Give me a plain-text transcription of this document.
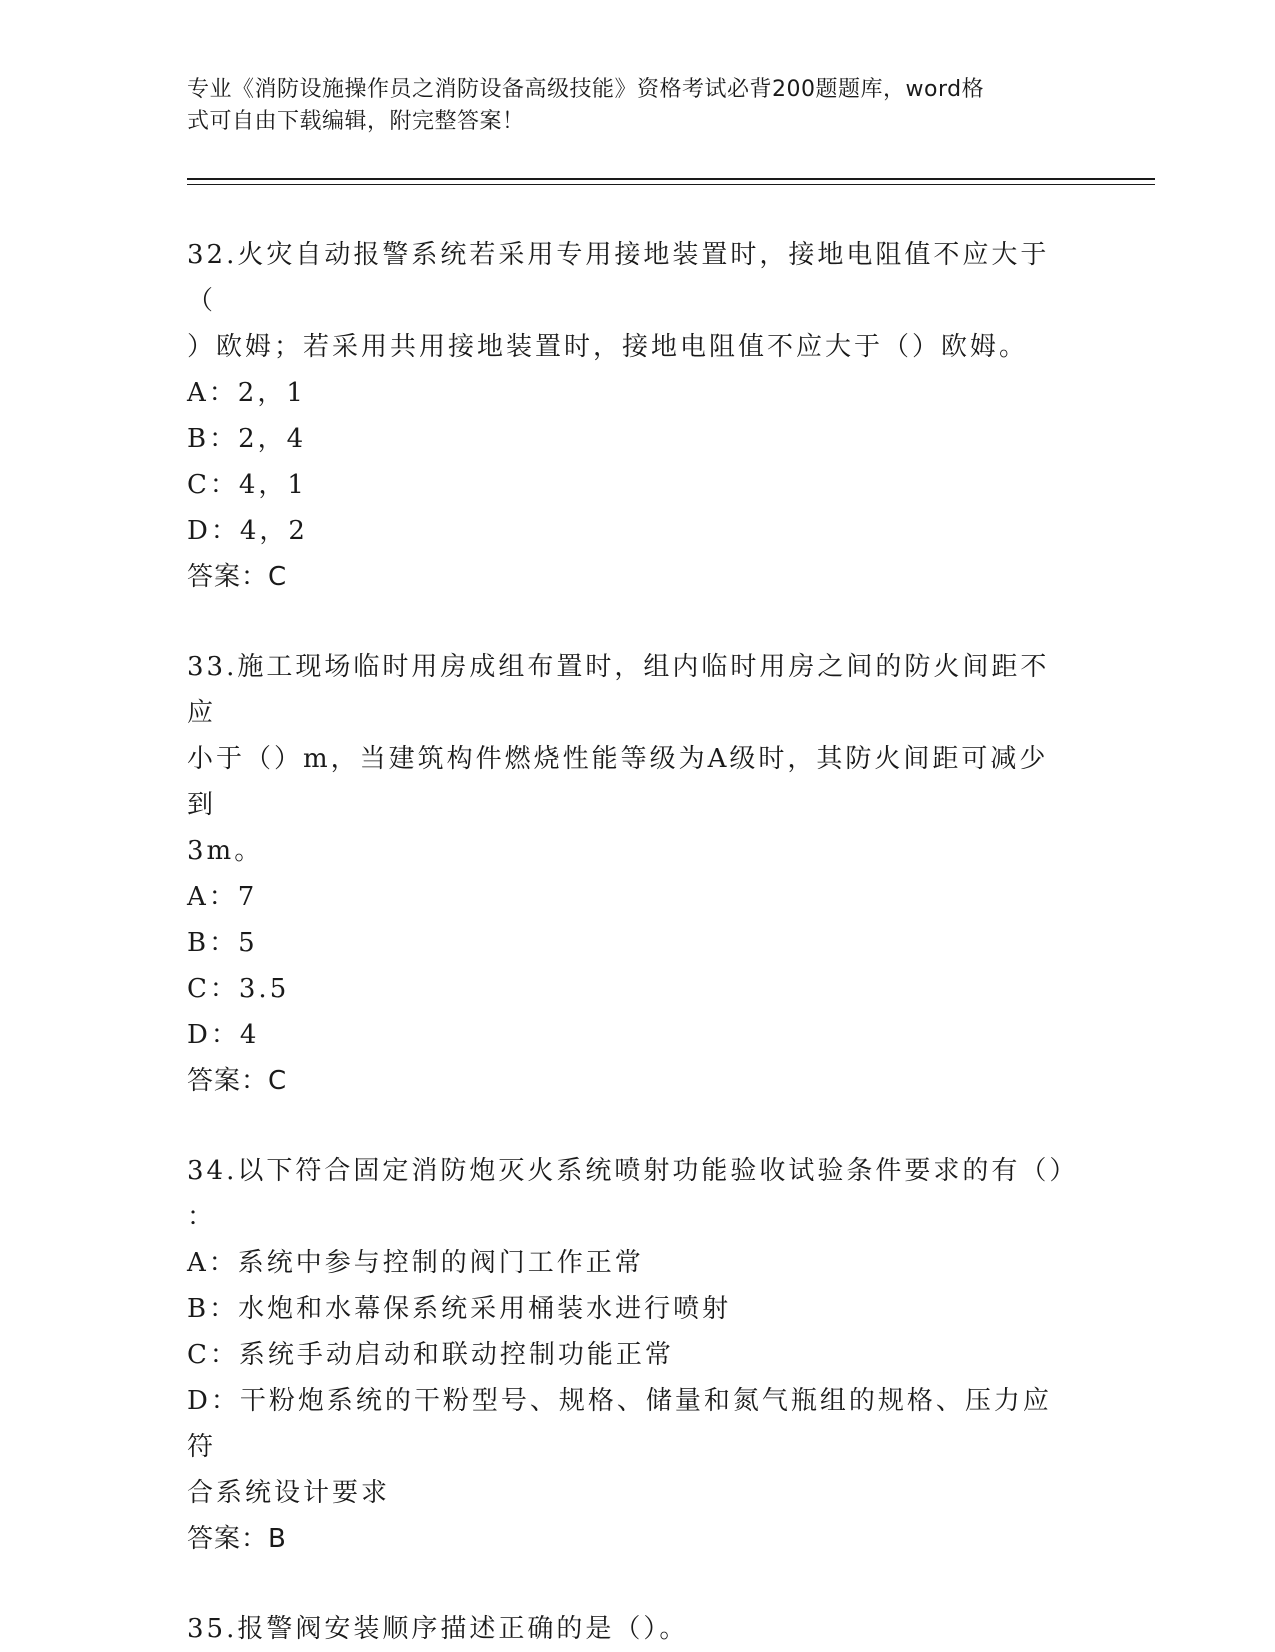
专业《消防设施操作员之消防设备高级技能》资格考试必背200题题库，word格
式可自由下载编辑，附完整答案！
32.火灾自动报警系统若采用专用接地装置时，接地电阻值不应大于（
）欧姆；若采用共用接地装置时，接地电阻值不应大于（）欧姆。
A：2，1
B：2，4
C：4，1
D：4，2
答案：C
33.施工现场临时用房成组布置时，组内临时用房之间的防火间距不应
小于（）m，当建筑构件燃烧性能等级为A级时，其防火间距可减少到
3m。
A：7
B：5
C：3.5
D：4
答案：C
34.以下符合固定消防炮灭火系统喷射功能验收试验条件要求的有（）
：
A：系统中参与控制的阀门工作正常
B：水炮和水幕保系统采用桶装水进行喷射
C：系统手动启动和联动控制功能正常
D：干粉炮系统的干粉型号、规格、储量和氮气瓶组的规格、压力应符
合系统设计要求
答案：B
35.报警阀安装顺序描述正确的是（）。
